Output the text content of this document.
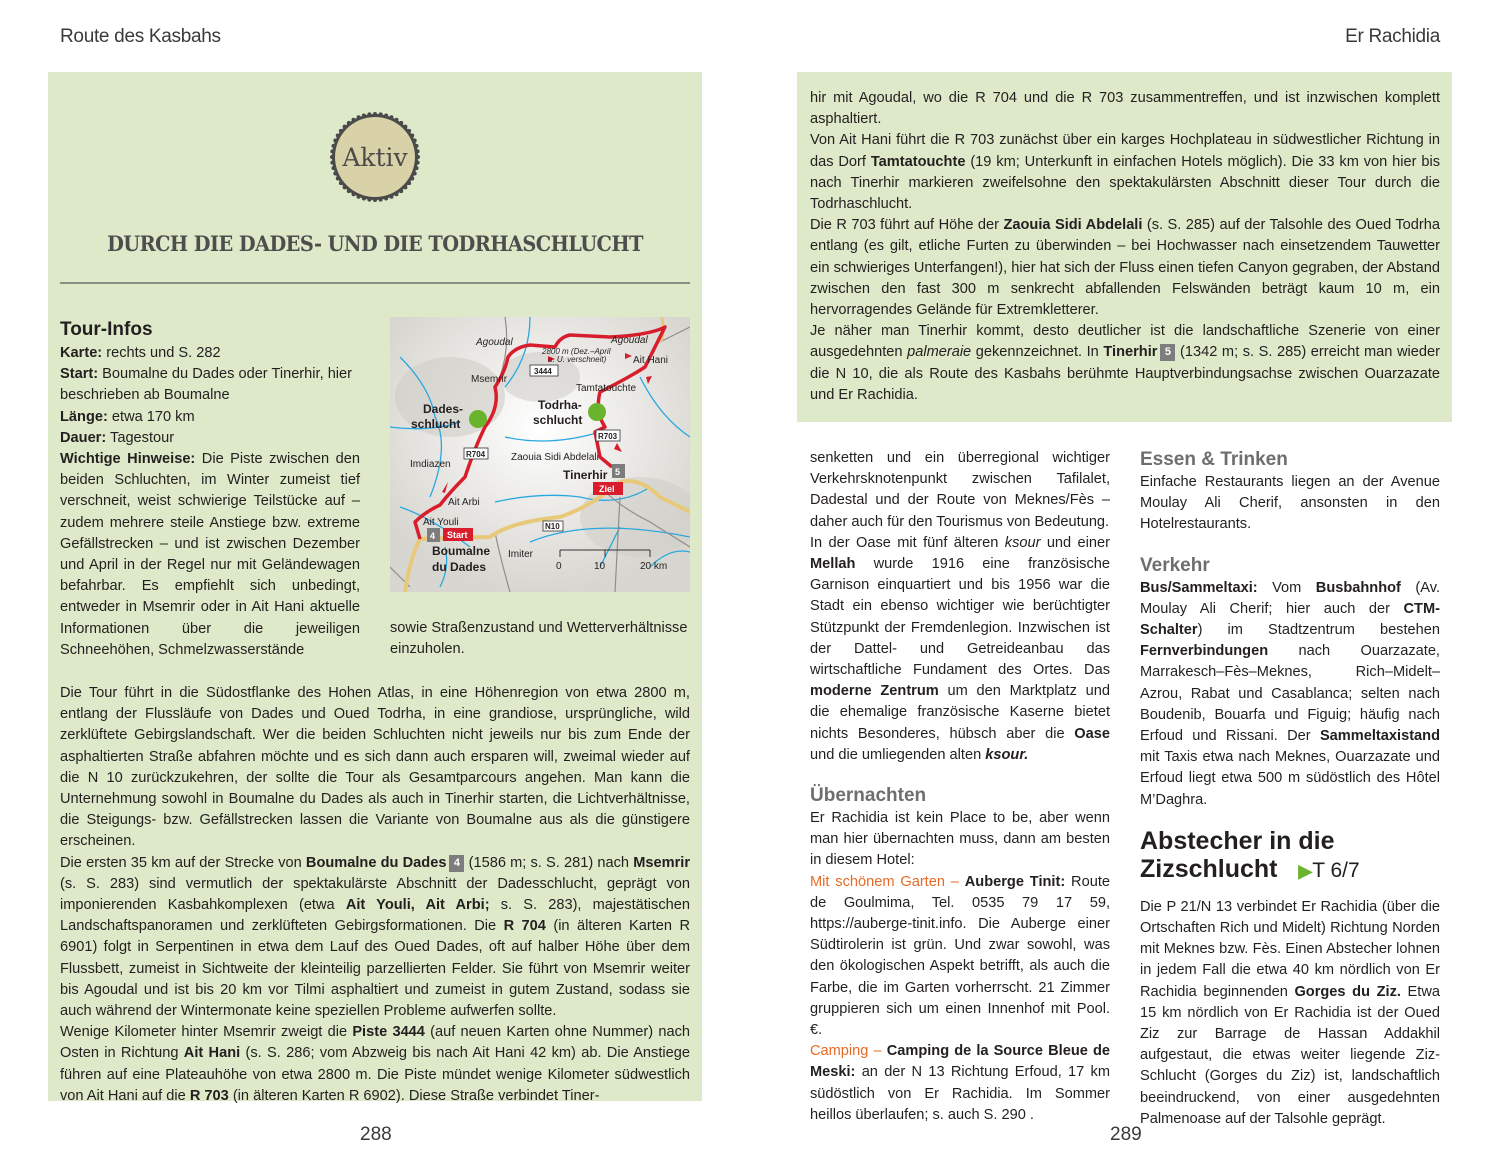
Route des Kasbahs	Er Rachidia
Aktiv
DURCH DIE DADES- UND DIE TODRHASCHLUCHT
Tour-Infos

Karte: rechts und S. 282

Start: Boumalne du Dades oder Tinerhir, hier beschrieben ab Boumalne

Länge: etwa 170 km

Dauer: Tagestour

Wichtige Hinweise: Die Piste zwischen den beiden Schluchten, im Winter zumeist tief verschneit, weist schwierige Teilstücke auf – zudem mehrere steile Anstiege bzw. extreme Gefällstrecken – und ist zwischen Dezember und April in der Regel nur mit Geländewagen befahrbar. Es empfiehlt sich unbedingt, entweder in Msemrir oder in Ait Hani aktuelle Informationen über die jeweiligen Schneehöhen, Schmelzwasserstände

Agoudal	Agoudal
2800 m (Dez.–April
u. U. verschneit)	Ait Hani
Msemrir
3444
Tamtatouchte
Dades-
schlucht
Todrha-
schlucht
R703
R704	Zaouia Sidi Abdelali
Imdiazen
Tinerhir 5
Ziel
Ait Arbi
Ait Youli
4 Start
N10
Boumalne
du Dades
Imiter
0	10	20 km
sowie Straßenzustand und Wetterverhältnisse einzuholen.

Die Tour führt in die Südostflanke des Hohen Atlas, in eine Höhenregion von etwa 2800 m, entlang der Flussläufe von Dades und Oued Todrha, in eine grandiose, ursprüngliche, wild zerklüftete Gebirgslandschaft. Wer die beiden Schluchten nicht jeweils nur bis zum Ende der asphaltierten Straße abfahren möchte und es sich dann auch ersparen will, zweimal wieder auf die N 10 zurückzukehren, der sollte die Tour als Gesamtparcours angehen. Man kann die Unternehmung sowohl in Boumalne du Dades als auch in Tinerhir starten, die Lichtverhältnisse, die Steigungs- bzw. Gefällstrecken lassen die Variante von Boumalne aus als die günstigere erscheinen.

Die ersten 35 km auf der Strecke von Boumalne du Dades 4 (1586 m; s. S. 281) nach Msemrir (s. S. 283) sind vermutlich der spektakulärste Abschnitt der Dadesschlucht, geprägt von imponierenden Kasbahkomplexen (etwa Ait Youli, Ait Arbi; s. S. 283), majestätischen Landschaftspanoramen und zerklüfteten Gebirgsformationen. Die R 704 (in älteren Karten R 6901) folgt in Serpentinen in etwa dem Lauf des Oued Dades, oft auf halber Höhe über dem Flussbett, zumeist in Sichtweite der kleinteilig parzellierten Felder. Sie führt von Msemrir weiter bis Agoudal und ist bis 20 km vor Tilmi asphaltiert und zumeist in gutem Zustand, sodass sie auch während der Wintermonate keine speziellen Probleme aufwerfen sollte.

Wenige Kilometer hinter Msemrir zweigt die Piste 3444 (auf neuen Karten ohne Nummer) nach Osten in Richtung Ait Hani (s. S. 286; vom Abzweig bis nach Ait Hani 42 km) ab. Die Anstiege führen auf eine Plateauhöhe von etwa 2800 m. Die Piste mündet wenige Kilometer südwestlich von Ait Hani auf die R 703 (in älteren Karten R 6902). Diese Straße verbindet Tiner-

hir mit Agoudal, wo die R 704 und die R 703 zusammentreffen, und ist inzwischen komplett asphaltiert.

Von Ait Hani führt die R 703 zunächst über ein karges Hochplateau in südwestlicher Richtung in das Dorf Tamtatouchte (19 km; Unterkunft in einfachen Hotels möglich). Die 33 km von hier bis nach Tinerhir markieren zweifelsohne den spektakulärsten Abschnitt dieser Tour durch die Todrhaschlucht.

Die R 703 führt auf Höhe der Zaouia Sidi Abdelali (s. S. 285) auf der Talsohle des Oued Todrha entlang (es gilt, etliche Furten zu überwinden – bei Hochwasser nach einsetzendem Tauwetter ein schwieriges Unterfangen!), hier hat sich der Fluss einen tiefen Canyon gegraben, der Abstand zwischen den fast 300 m senkrecht abfallenden Felswänden beträgt kaum 10 m, ein hervorragendes Gelände für Extremkletterer.

Je näher man Tinerhir kommt, desto deutlicher ist die landschaftliche Szenerie von einer ausgedehnten palmeraie gekennzeichnet. In Tinerhir 5 (1342 m; s. S. 285) erreicht man wieder die N 10, die als Route des Kasbahs berühmte Hauptverbindungsachse zwischen Ouarzazate und Er Rachidia.

senketten und ein überregional wichtiger Verkehrsknotenpunkt zwischen Tafilalet, Dadestal und der Route von Meknes/Fès – daher auch für den Tourismus von Bedeutung.

In der Oase mit fünf älteren ksour und einer Mellah wurde 1916 eine französische Garnison einquartiert und bis 1956 war die Stadt ein ebenso wichtiger wie berüchtigter Stützpunkt der Fremdenlegion. Inzwischen ist der Dattel- und Getreideanbau das wirtschaftliche Fundament des Ortes. Das moderne Zentrum um den Marktplatz und die ehemalige französische Kaserne bietet nichts Besonderes, hübsch aber die Oase und die umliegenden alten ksour.

Übernachten

Er Rachidia ist kein Place to be, aber wenn man hier übernachten muss, dann am besten in diesem Hotel:

Mit schönem Garten – Auberge Tinit: Route de Goulmima, Tel. 0535 79 17 59, https://auberge-tinit.info. Die Auberge einer Südtirolerin ist grün. Und zwar sowohl, was den ökologischen Aspekt betrifft, als auch die Farbe, die im Garten vorherrscht. 21 Zimmer gruppieren sich um einen Innenhof mit Pool. €.

Camping – Camping de la Source Bleue de Meski: an der N 13 Richtung Erfoud, 17 km südöstlich von Er Rachidia. Im Sommer heillos überlaufen; s. auch S. 290 .

Essen & Trinken

Einfache Restaurants liegen an der Avenue Moulay Ali Cherif, ansonsten in den Hotelrestaurants.

Verkehr

Bus/Sammeltaxi: Vom Busbahnhof (Av. Moulay Ali Cherif; hier auch der CTM-Schalter) im Stadtzentrum bestehen Fernverbindungen nach Ouarzazate, Marrakesch–Fès–Meknes, Rich–Midelt–Azrou, Rabat und Casablanca; selten nach Boudenib, Bouarfa und Figuig; häufig nach Erfoud und Rissani. Der Sammeltaxistand mit Taxis etwa nach Meknes, Ouarzazate und Erfoud liegt etwa 500 m südöstlich des Hôtel M’Daghra.

Abstecher in die
Zizschlucht ▶T 6/7

Die P 21/N 13 verbindet Er Rachidia (über die Ortschaften Rich und Midelt) Richtung Norden mit Meknes bzw. Fès. Einen Abstecher lohnen in jedem Fall die etwa 40 km nördlich von Er Rachidia beginnenden Gorges du Ziz. Etwa 15 km nördlich von Er Rachidia ist der Oued Ziz zur Barrage de Hassan Addakhil aufgestaut, die etwas weiter liegende Ziz-Schlucht (Gorges du Ziz) ist, landschaftlich beeindruckend, von einer ausgedehnten Palmenoase auf der Talsohle geprägt.

288	289
